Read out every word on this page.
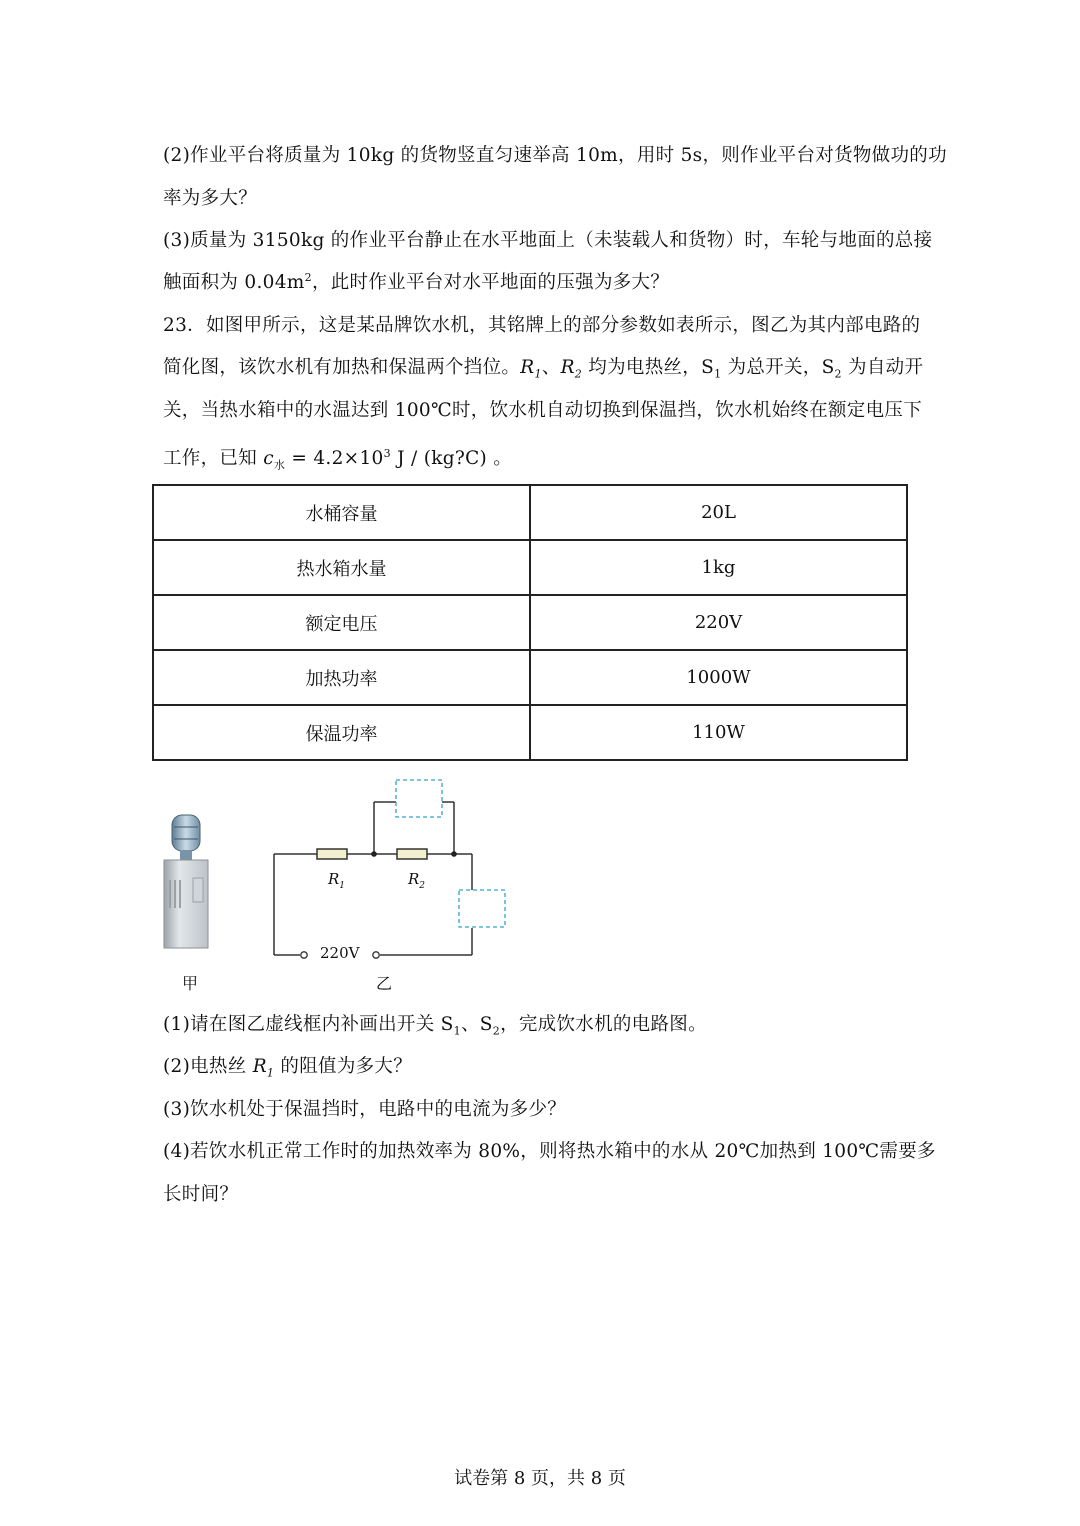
(2)作业平台将质量为 10kg 的货物竖直匀速举高 10m，用时 5s，则作业平台对货物做功的功
率为多大？
(3)质量为 3150kg 的作业平台静止在水平地面上（未装载人和货物）时，车轮与地面的总接
触面积为 $0.04m^2$，此时作业平台对水平地面的压强为多大？
23．如图甲所示，这是某品牌饮水机，其铭牌上的部分参数如表所示，图乙为其内部电路的
简化图，该饮水机有加热和保温两个挡位。$R_1$、$R_2$ 均为电热丝，$S_1$ 为总开关，$S_2$ 为自动开
关，当热水箱中的水温达到 100℃时，饮水机自动切换到保温挡，饮水机始终在额定电压下
工作，已知 $c_水 = 4.2\times 10^3$ J / (kg?C) 。
水桶容量	20L
热水箱水量	1kg
额定电压	220V
加热功率	1000W
保温功率	110W
$R_1$	$R_2$
220V
甲	乙
(1)请在图乙虚线框内补画出开关 $S_1$、$S_2$，完成饮水机的电路图。
(2)电热丝 $R_1$ 的阻值为多大？
(3)饮水机处于保温挡时，电路中的电流为多少？
(4)若饮水机正常工作时的加热效率为 80%，则将热水箱中的水从 20℃加热到 100℃需要多
长时间？
试卷第 8 页，共 8 页
